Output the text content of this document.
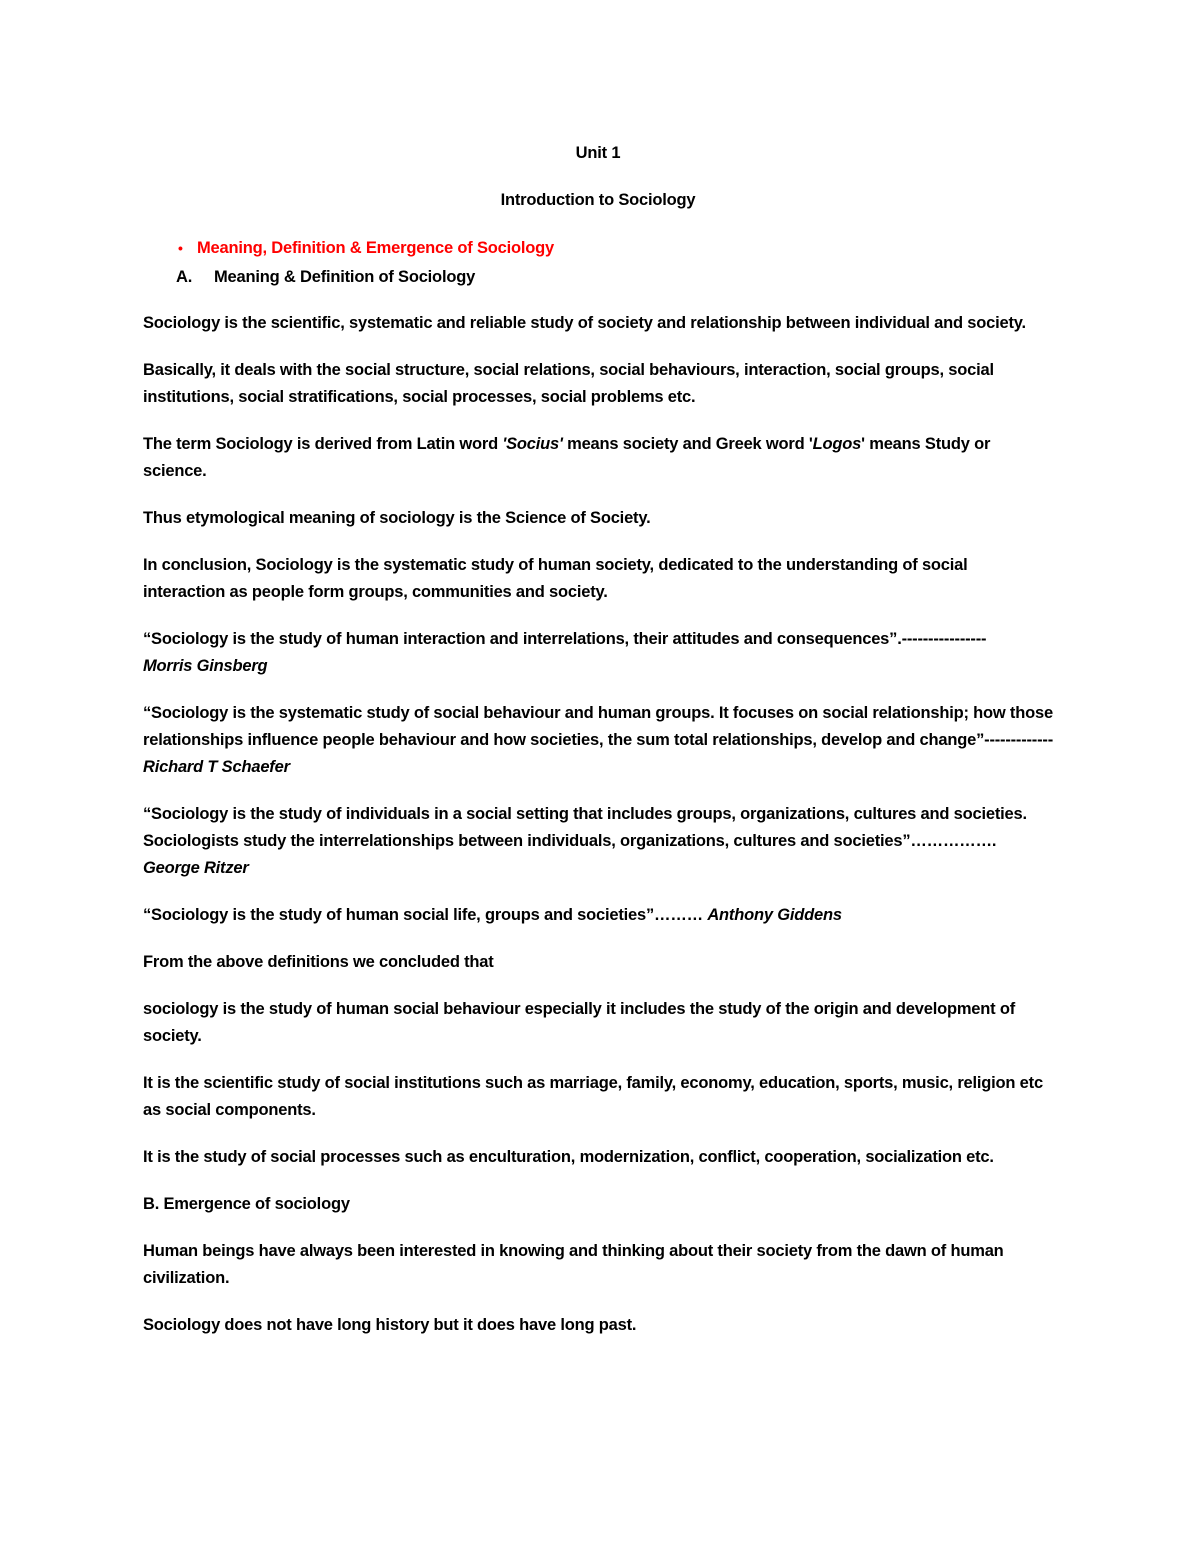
Unit 1

Introduction to Sociology

• Meaning, Definition & Emergence of Sociology
A.	Meaning & Definition of Sociology

Sociology is the scientific, systematic and reliable study of society and relationship between individual and society.

Basically, it deals with the social structure, social relations, social behaviours, interaction, social groups, social institutions, social stratifications, social processes, social problems etc.

The term Sociology is derived from Latin word 'Socius' means society and Greek word 'Logos' means Study or science.

Thus etymological meaning of sociology is the Science of Society.

In conclusion, Sociology is the systematic study of human society, dedicated to the understanding of social interaction as people form groups, communities and society.

“Sociology is the study of human interaction and interrelations, their attitudes and consequences”.----------------
Morris Ginsberg

“Sociology is the systematic study of social behaviour and human groups. It focuses on social relationship; how those relationships influence people behaviour and how societies, the sum total relationships, develop and change”------------- Richard T Schaefer

“Sociology is the study of individuals in a social setting that includes groups, organizations, cultures and societies. Sociologists study the interrelationships between individuals, organizations, cultures and societies”…………….
George Ritzer

“Sociology is the study of human social life, groups and societies”……… Anthony Giddens

From the above definitions we concluded that

sociology is the study of human social behaviour especially it includes the study of the origin and development of society.

It is the scientific study of social institutions such as marriage, family, economy, education, sports, music, religion etc as social components.

It is the study of social processes such as enculturation, modernization, conflict, cooperation, socialization etc.

B. Emergence of sociology

Human beings have always been interested in knowing and thinking about their society from the dawn of human civilization.

Sociology does not have long history but it does have long past.
